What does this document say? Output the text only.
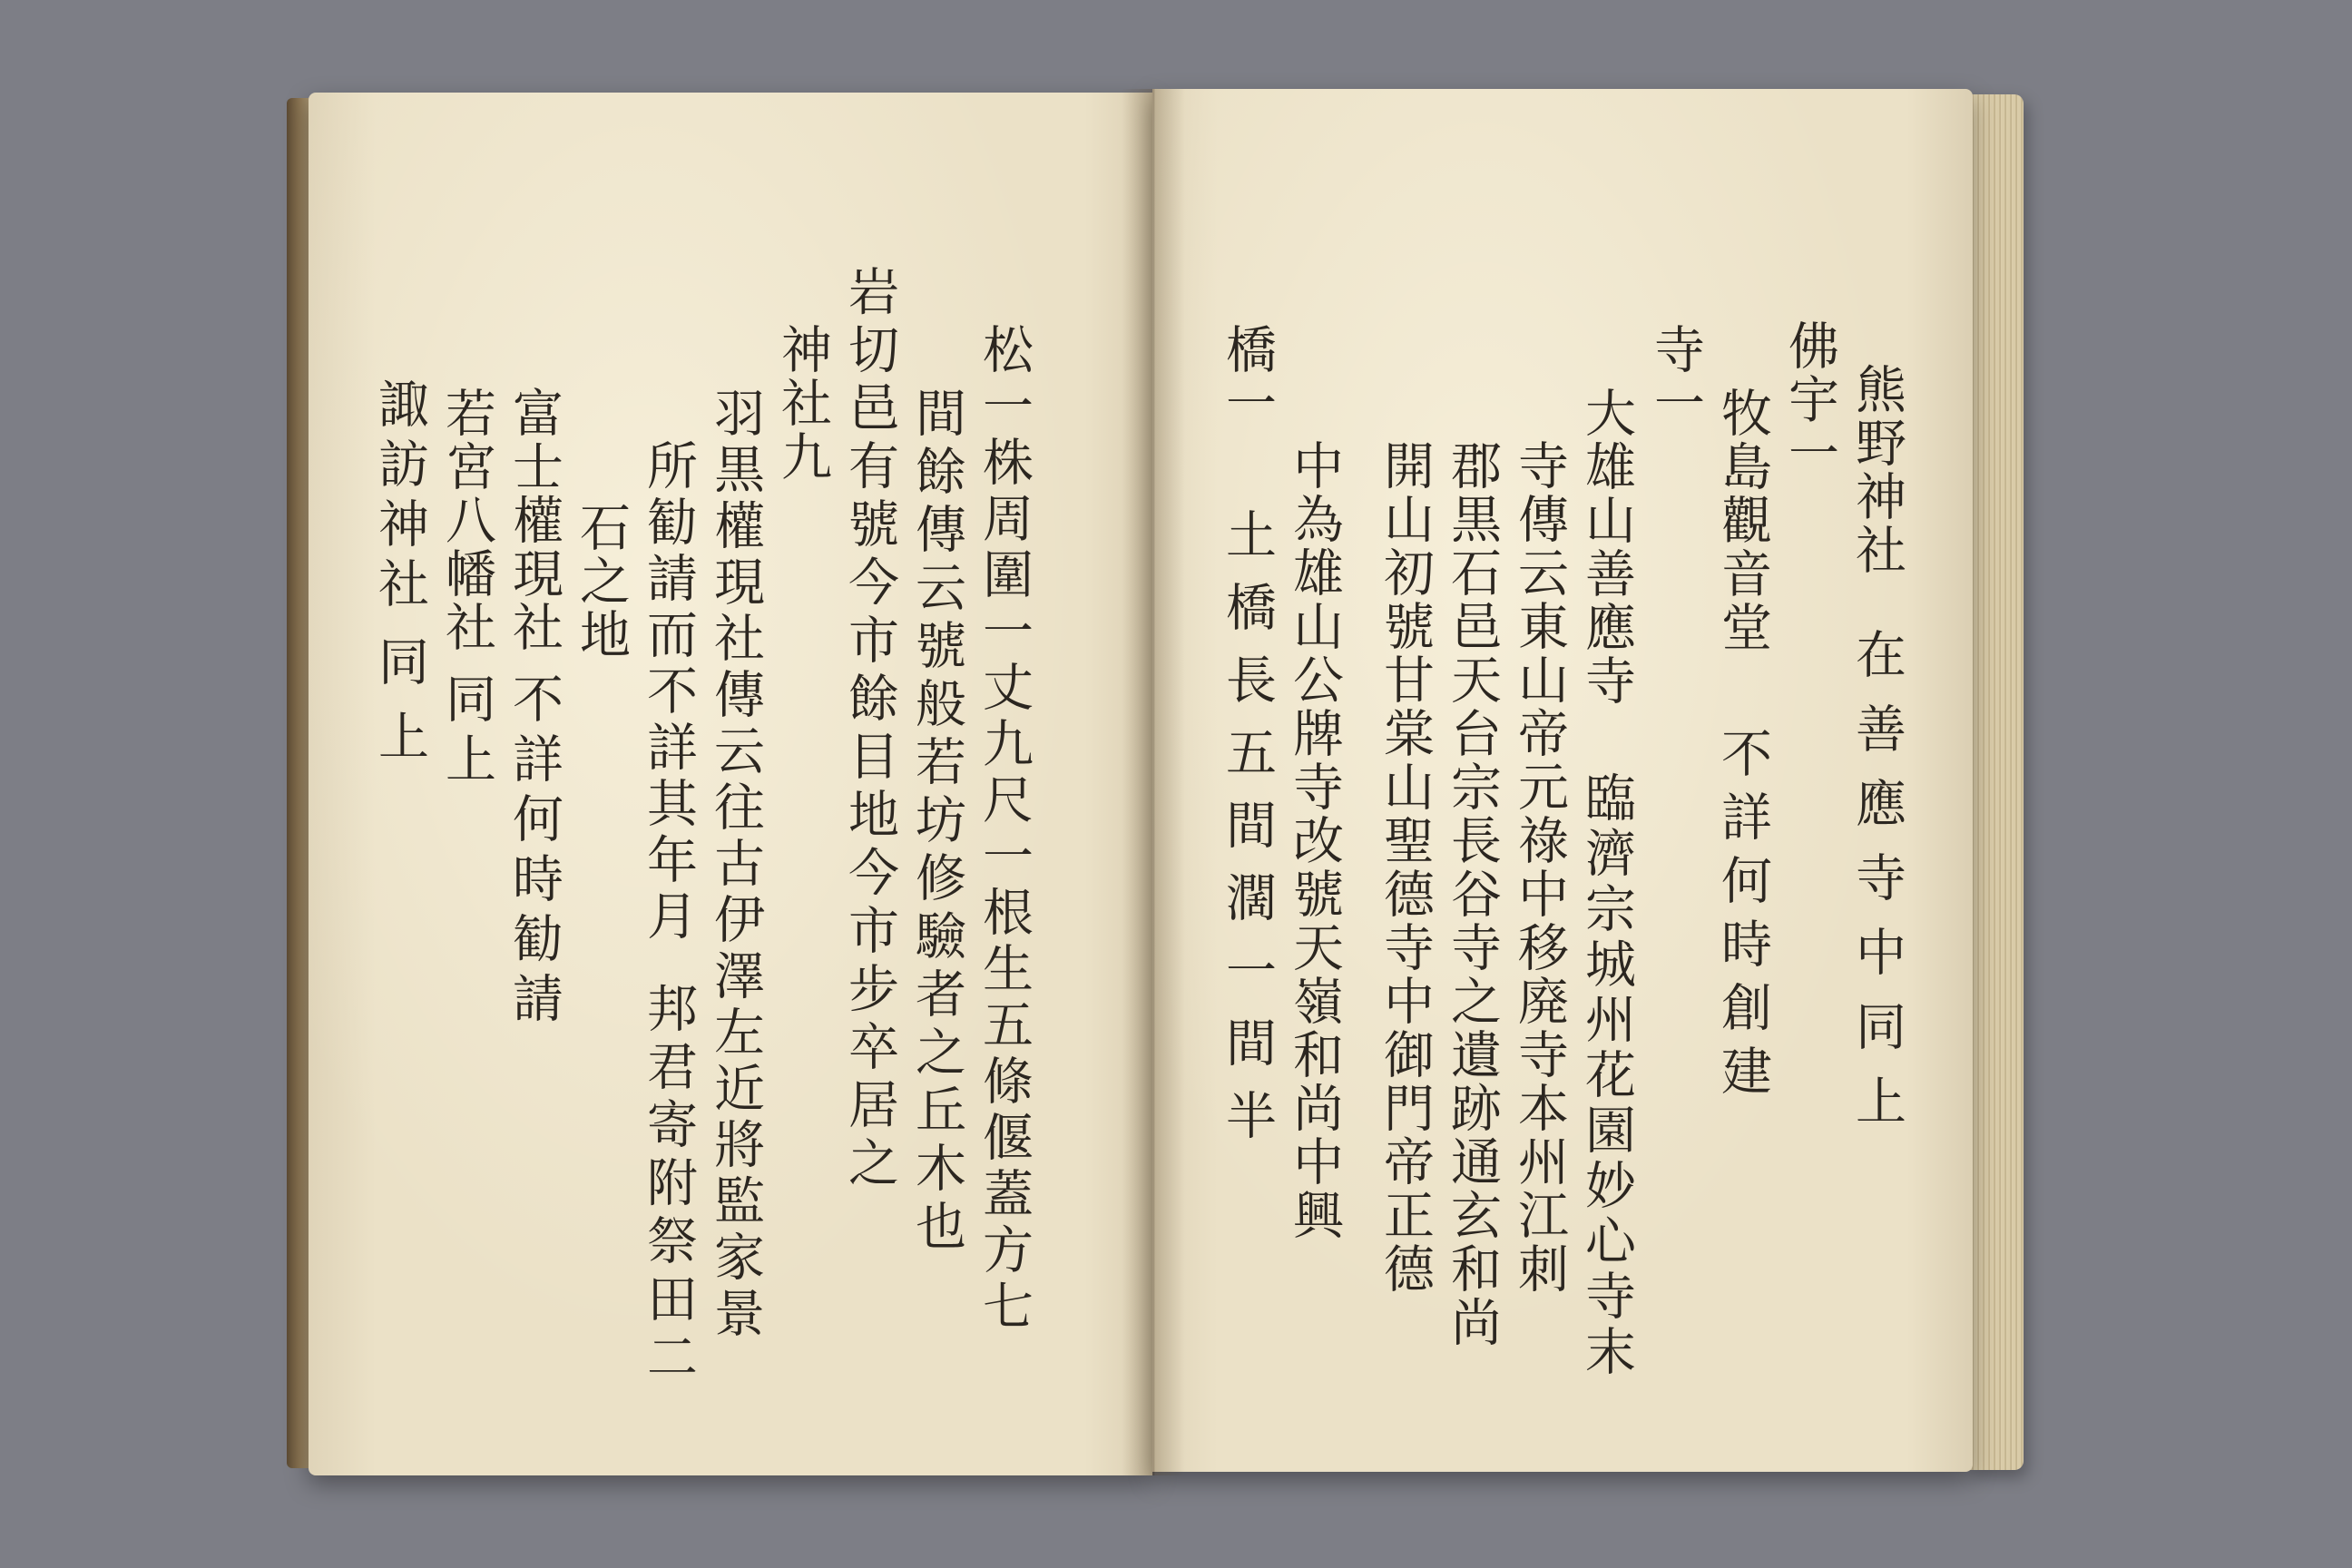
熊野神社在善應寺中同上
佛宇一
牧島觀音堂不詳何時創建
寺一
大雄山善應寺臨濟宗城州花園妙心寺末
寺傳云東山帝元祿中移廃寺本州江刺
郡黒石邑天台宗長谷寺之遺跡通玄和尚
開山初號甘棠山聖德寺中御門帝正德
中為雄山公牌寺改號天嶺和尚中興
橋一
土橋長五間濶一間半
松一株周圍一丈九尺一根生五條偃蓋方七
間餘傳云號般若坊修驗者之丘木也
岩切邑有號今市餘目地今市步卒居之
神社九
羽黒權現社傳云往古伊澤左近將監家景
所勧請而不詳其年月邦君寄附祭田二
石之地
富士權現社不詳何時勧請
若宮八幡社同上
諏訪神社同上
